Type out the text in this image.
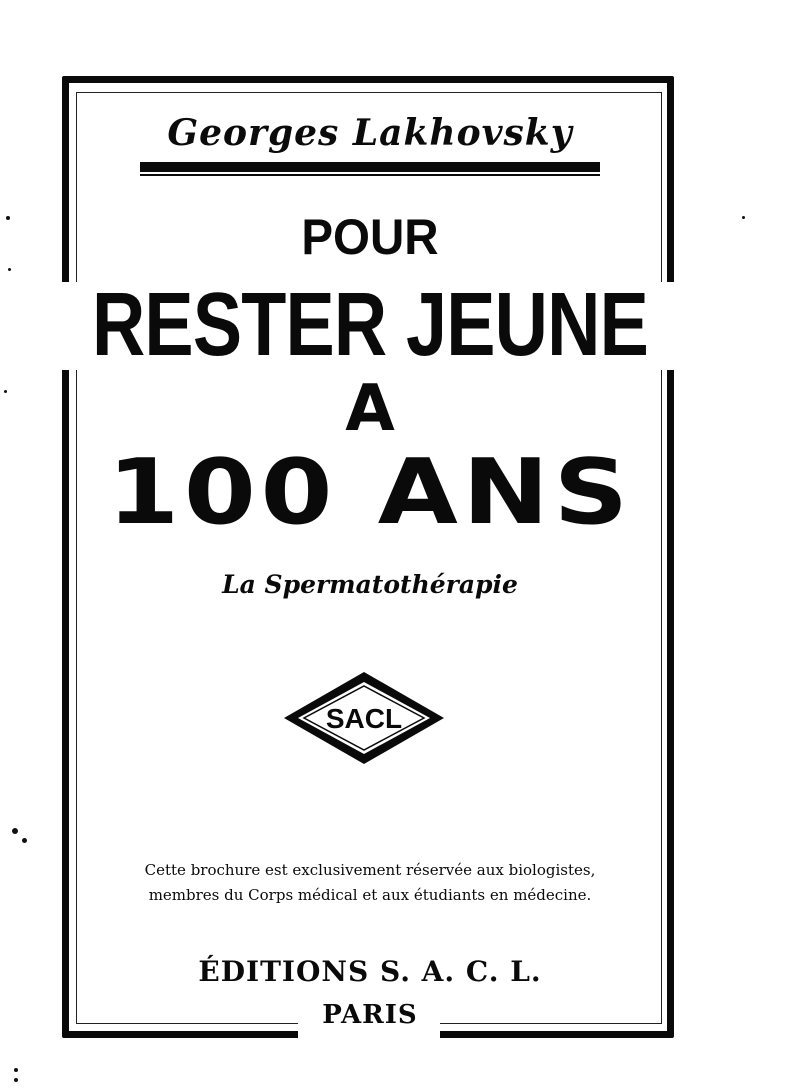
Georges Lakhovsky
POUR
RESTER JEUNE
A
100 ANS
La Spermatothérapie
SACL
Cette brochure est exclusivement réservée aux biologistes,
membres du Corps médical et aux étudiants en médecine.
ÉDITIONS S. A. C. L.
PARIS
